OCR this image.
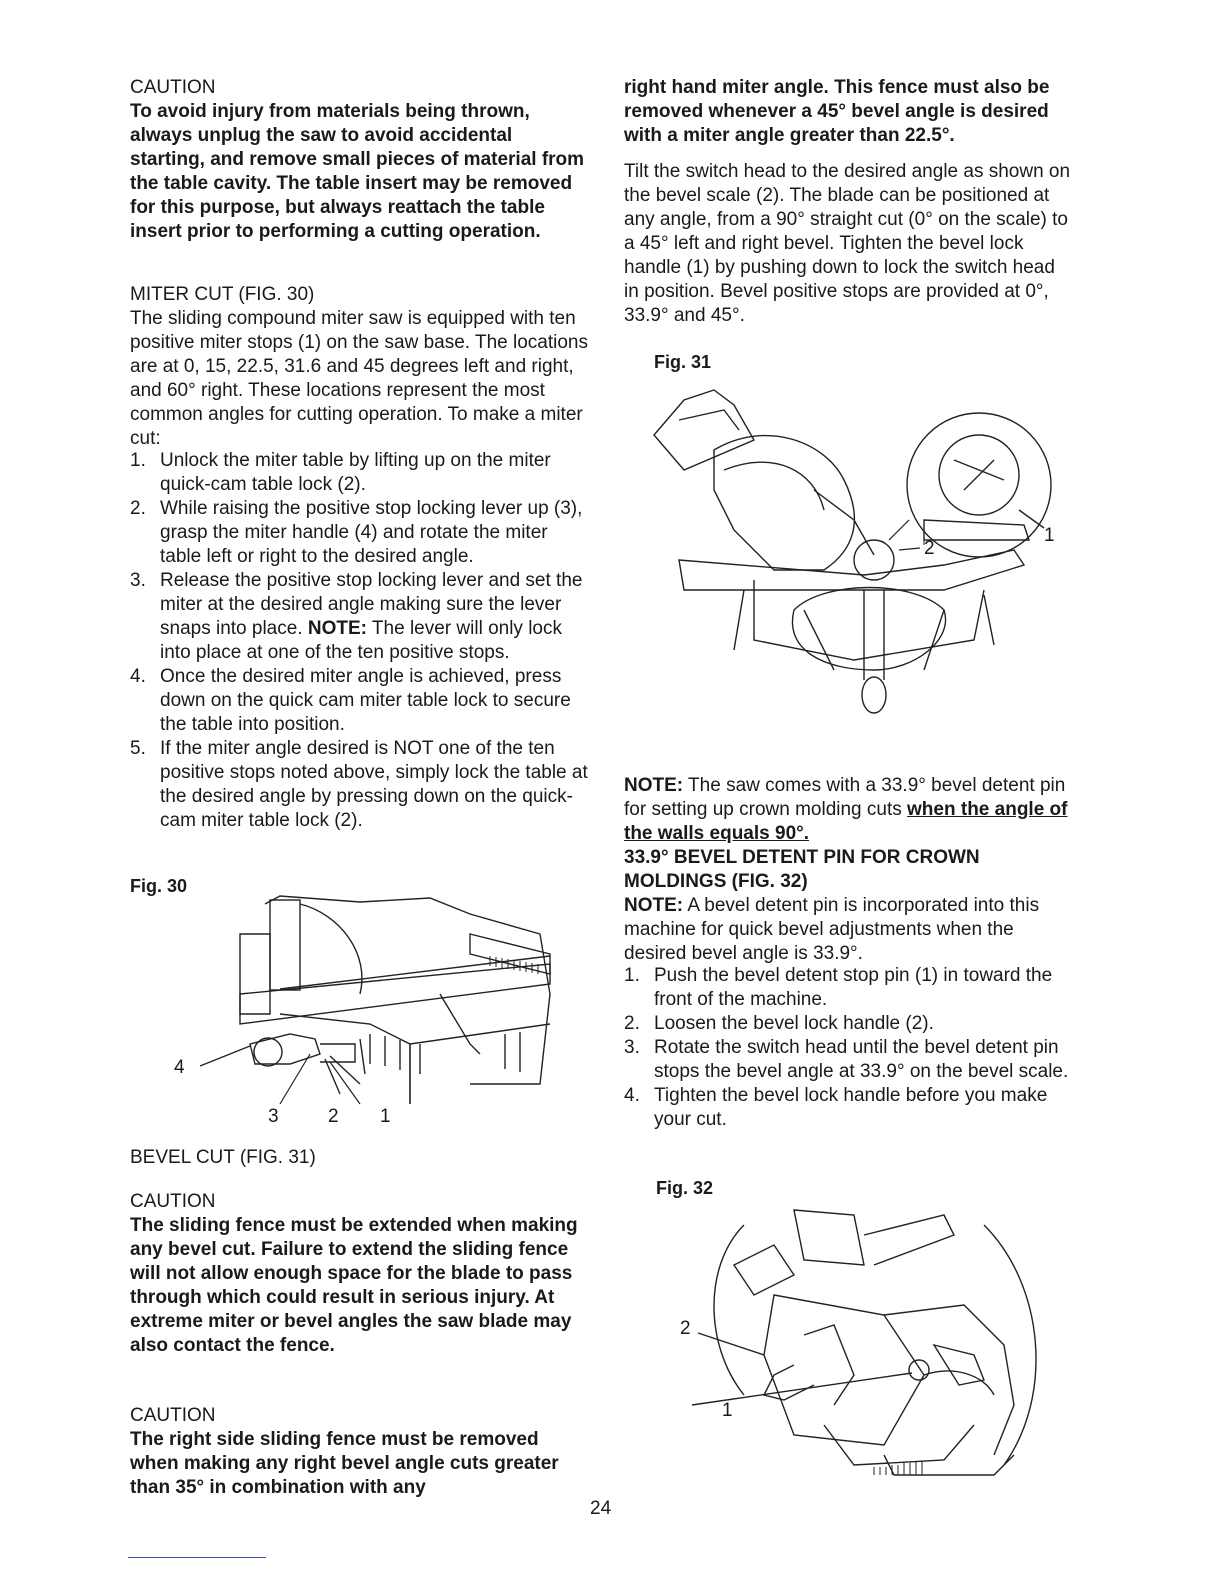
CAUTION

To avoid injury from materials being thrown, always unplug the saw to avoid accidental starting, and remove small pieces of material from the table cavity. The table insert may be removed for this purpose, but always reattach the table insert prior to performing a cutting operation.

MITER CUT (FIG. 30)

The sliding compound miter saw is equipped with ten positive miter stops (1) on the saw base. The locations are at 0, 15, 22.5, 31.6 and 45 degrees left and right, and 60° right. These locations represent the most common angles for cutting operation. To make a miter cut:

1. Unlock the miter table by lifting up on the miter quick-cam table lock (2).
2. While raising the positive stop locking lever up (3), grasp the miter handle (4) and rotate the miter table left or right to the desired angle.
3. Release the positive stop locking lever and set the miter at the desired angle making sure the lever snaps into place. NOTE: The lever will only lock into place at one of the ten positive stops.
4. Once the desired miter angle is achieved, press down on the quick cam miter table lock to secure the table into position.
5. If the miter angle desired is NOT one of the ten positive stops noted above, simply lock the table at the desired angle by pressing down on the quick-cam miter table lock (2).
Fig. 30
4
3	2 1

BEVEL CUT (FIG. 31)

CAUTION

The sliding fence must be extended when making any bevel cut. Failure to extend the sliding fence will not allow enough space for the blade to pass through which could result in serious injury. At extreme miter or bevel angles the saw blade may also contact the fence.

CAUTION

The right side sliding fence must be removed when making any right bevel angle cuts greater than 35° in combination with any

right hand miter angle. This fence must also be removed whenever a 45° bevel angle is desired with a miter angle greater than 22.5°.

Tilt the switch head to the desired angle as shown on the bevel scale (2). The blade can be positioned at any angle, from a 90° straight cut (0° on the scale) to a 45° left and right bevel. Tighten the bevel lock handle (1) by pushing down to lock the switch head in position. Bevel positive stops are provided at 0°, 33.9° and 45°.

Fig. 31
1
2

NOTE: The saw comes with a 33.9° bevel detent pin for setting up crown molding cuts when the angle of the walls equals 90°.

33.9° BEVEL DETENT PIN FOR CROWN MOLDINGS (FIG. 32)

NOTE: A bevel detent pin is incorporated into this machine for quick bevel adjustments when the desired bevel angle is 33.9°.

1. Push the bevel detent stop pin (1) in toward the front of the machine.
2. Loosen the bevel lock handle (2).
3. Rotate the switch head until the bevel detent pin stops the bevel angle at 33.9° on the bevel scale.
4. Tighten the bevel lock handle before you make your cut.
Fig. 32
2
1
24
